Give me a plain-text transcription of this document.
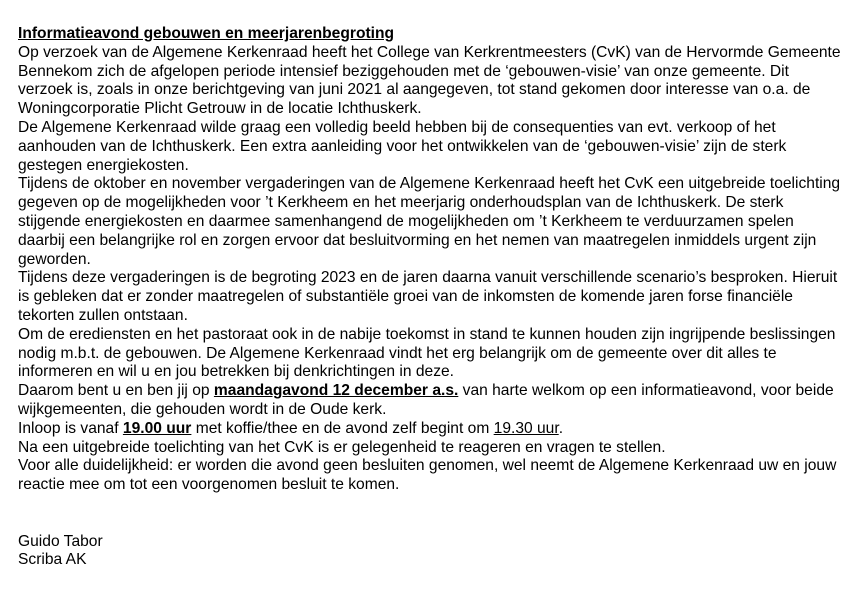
Informatieavond gebouwen en meerjarenbegroting

Op verzoek van de Algemene Kerkenraad heeft het College van Kerkrentmeesters (CvK) van de Hervormde Gemeente Bennekom zich de afgelopen periode intensief beziggehouden met de ‘gebouwen-visie’ van onze gemeente. Dit verzoek is, zoals in onze berichtgeving van juni 2021 al aangegeven, tot stand gekomen door interesse van o.a. de Woningcorporatie Plicht Getrouw in de locatie Ichthuskerk.

De Algemene Kerkenraad wilde graag een volledig beeld hebben bij de consequenties van evt. verkoop of het aanhouden van de Ichthuskerk. Een extra aanleiding voor het ontwikkelen van de ‘gebouwen-visie’ zijn de sterk gestegen energiekosten.

Tijdens de oktober en november vergaderingen van de Algemene Kerkenraad heeft het CvK een uitgebreide toelichting gegeven op de mogelijkheden voor ’t Kerkheem en het meerjarig onderhoudsplan van de Ichthuskerk. De sterk stijgende energiekosten en daarmee samenhangend de mogelijkheden om ’t Kerkheem te verduurzamen spelen daarbij een belangrijke rol en zorgen ervoor dat besluitvorming en het nemen van maatregelen inmiddels urgent zijn geworden.

Tijdens deze vergaderingen is de begroting 2023 en de jaren daarna vanuit verschillende scenario’s besproken. Hieruit is gebleken dat er zonder maatregelen of substantiële groei van de inkomsten de komende jaren forse financiële tekorten zullen ontstaan.

Om de erediensten en het pastoraat ook in de nabije toekomst in stand te kunnen houden zijn ingrijpende beslissingen nodig m.b.t. de gebouwen. De Algemene Kerkenraad vindt het erg belangrijk om de gemeente over dit alles te informeren en wil u en jou betrekken bij denkrichtingen in deze.

Daarom bent u en ben jij op maandagavond 12 december a.s. van harte welkom op een informatieavond, voor beide wijkgemeenten, die gehouden wordt in de Oude kerk.

Inloop is vanaf 19.00 uur met koffie/thee en de avond zelf begint om 19.30 uur.

Na een uitgebreide toelichting van het CvK is er gelegenheid te reageren en vragen te stellen.

Voor alle duidelijkheid: er worden die avond geen besluiten genomen, wel neemt de Algemene Kerkenraad uw en jouw reactie mee om tot een voorgenomen besluit te komen.

Guido Tabor

Scriba AK
